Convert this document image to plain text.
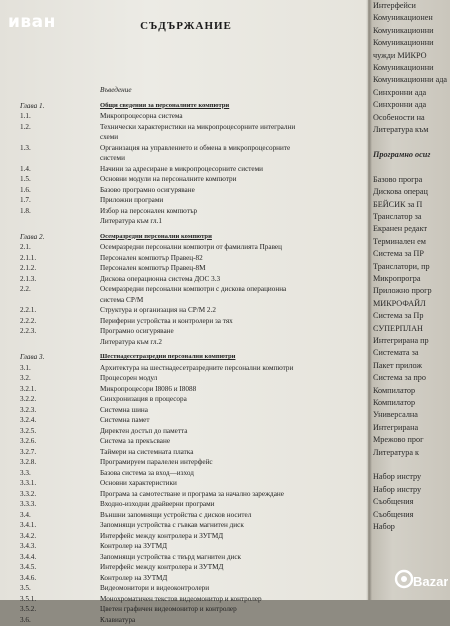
СЪДЪРЖАНИЕ
Въведение
Глава 1.	Общи сведения за персоналните компютри
1.1.	Микропроцесорна система
1.2.	Технически характеристики на микропроцесорните интегрални
схеми
1.3.	Организация на управлението и обмена в микропроцесорните
системи
1.4.	Начини за адресиране в микропроцесорните системи
1.5.	Основни модули на персоналните компютри
1.6.	Базово програмно осигуряване
1.7.	Приложни програми
1.8.	Избор на персонален компютър
Литература към гл.1
Глава 2.	Осемразредни персонални компютри
2.1.	Осемразредни персонални компютри от фамилията Правец
2.1.1.	Персонален компютър Правец-82
2.1.2.	Персонален компютър Правец-8М
2.1.3.	Дискова операционна система ДОС 3.3
2.2.	Осемразредни персонални компютри с дискова операционна
система СР/М
2.2.1.	Структура и организация на СР/М 2.2
2.2.2.	Периферни устройства и контролери за тях
2.2.3.	Програмно осигуряване
Литература към гл.2
Глава 3.	Шестнадесетразредни персонални компютри
3.1.	Архитектура на шестнадесетразредните персонални компютри
3.2.	Процесорен модул
3.2.1.	Микропроцесори I8086 и I8088
3.2.2.	Синхронизация в процесора
3.2.3.	Системна шина
3.2.4.	Системна памет
3.2.5.	Директен достъп до паметта
3.2.6.	Система за прекъсване
3.2.7.	Таймери на системната платка
3.2.8.	Програмируем паралелен интерфейс
3.3.	Базова система за вход—изход
3.3.1.	Основни характеристики
3.3.2.	Програма за самотестване и програма за начално зареждане
3.3.3.	Входно-изходни драйверни програми
3.4.	Външни запомнящи устройства с дисков носител
3.4.1.	Запомнящи устройства с гъвкав магнитен диск
3.4.2.	Интерфейс между контролера и ЗУГМД
3.4.3.	Контролер на ЗУГМД
3.4.4.	Запомнящи устройства с твърд магнитен диск
3.4.5.	Интерфейс между контролера и ЗУТМД
3.4.6.	Контролер на ЗУТМД
3.5.	Видеомонитори и видеоконтролери
3.5.1.	Монохроматичен текстов видеомонитор и контролер
3.5.2.	Цветен графичен видеомонитор и контролер
3.6.	Клавиатура
Интерфейси
Комуникационен
Комуникационни
Комуникационни
чужди МИКРО
Комуникационни
Комуникационни ада
Синхронни ада
Синхронни ада
Особености на
Литература към

Програмно осиг

Базово програ
Дискова операц
БЕЙСИК за П
Транслатор за
Екранен редакт
Терминален ем
Система за ПР
Транслатори, пр
Микропрогра
Приложно прогр
МИКРОФАЙЛ
Система за Пр
СУПЕРПЛАН
Интегрирана пр
Системата за
Пакет прилож
Система за про
Компилатор
Компилатор
Универсална
Интегрирана
Мрежово прог
Литература к

Набор инстру
Набор инстру
Съобщения
Съобщения
Набор
иван
Bazar
